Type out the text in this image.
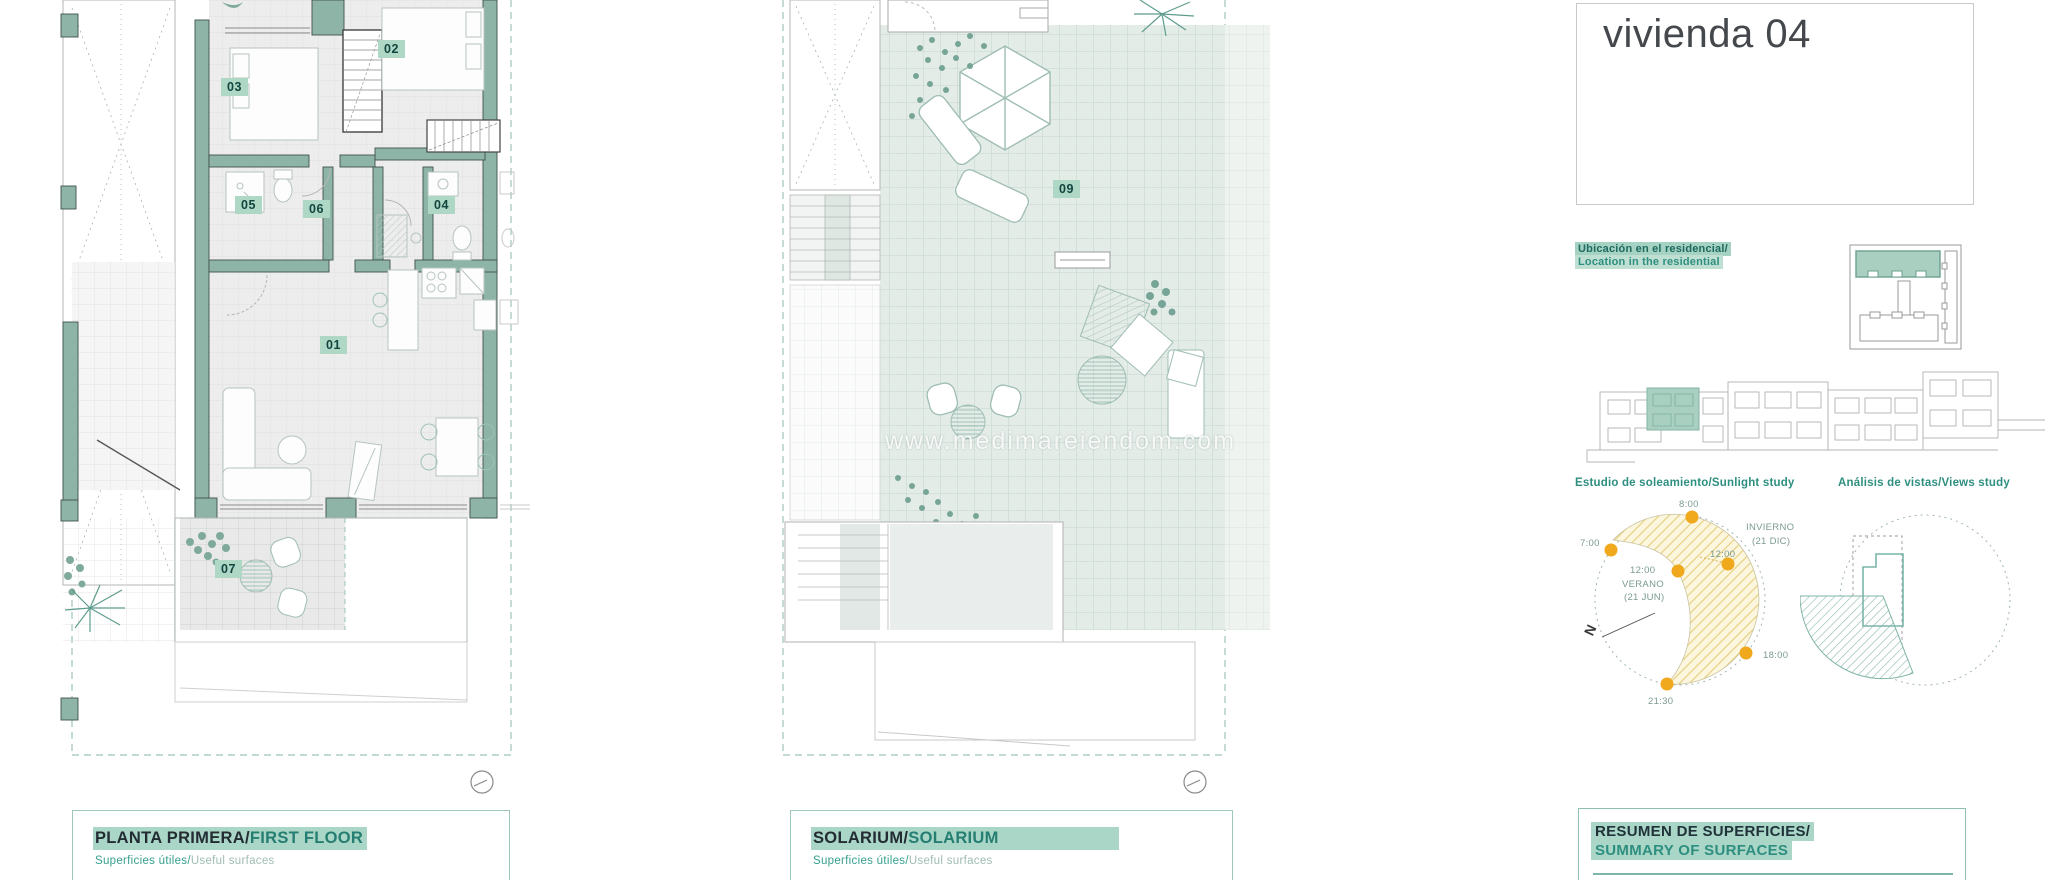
www.medimareiendom.com
01
02
03
04
05	06
07
09
vivienda 04
Ubicación en el residencial/
Location in the residential
Estudio de soleamiento/Sunlight study	Análisis de vistas/Views study
8:00
7:00
12:00
VERANO
(21 JUN)
12:00
INVIERNO
(21 DIC)
18:00
21:30
N
RESUMEN DE SUPERFICIES/
SUMMARY OF SURFACES
PLANTA PRIMERA/FIRST FLOOR
Superficies útiles/Useful surfaces
SOLARIUM/SOLARIUM
Superficies útiles/Useful surfaces
